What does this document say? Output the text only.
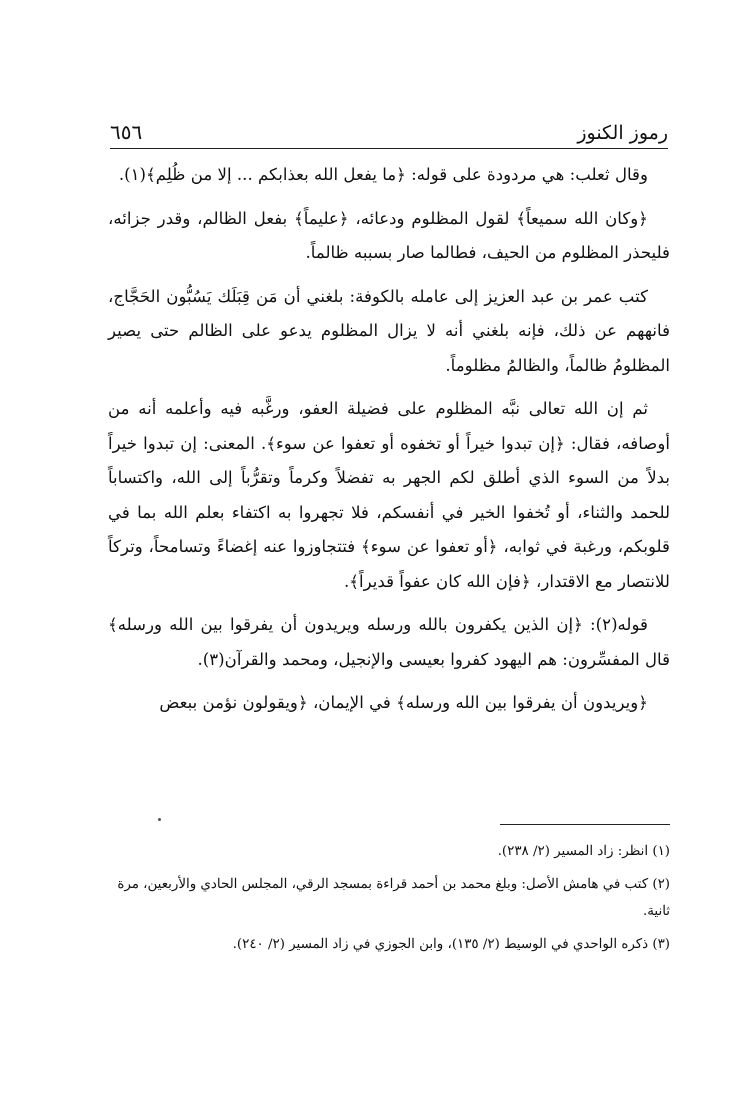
رموز الكنوز
٦٥٦

وقال ثعلب: هي مردودة على قوله: ﴿ما يفعل الله بعذابكم ... إلا من ظُلِم﴾(١).

﴿وكان الله سميعاً﴾ لقول المظلوم ودعائه، ﴿عليماً﴾ بفعل الظالم، وقدر جزائه، فليحذر المظلوم من الحيف، فطالما صار بسببه ظالماً.

كتب عمر بن عبد العزيز إلى عامله بالكوفة: بلغني أن مَن قِبَلَك يَسُبُّون الحَجَّاج، فانههم عن ذلك، فإنه بلغني أنه لا يزال المظلوم يدعو على الظالم حتى يصير المظلومُ ظالماً، والظالمُ مظلوماً.

ثم إن الله تعالى نبَّه المظلوم على فضيلة العفو، ورغَّبه فيه وأعلمه أنه من أوصافه، فقال: ﴿إن تبدوا خيراً أو تخفوه أو تعفوا عن سوء﴾. المعنى: إن تبدوا خيراً بدلاً من السوء الذي أطلق لكم الجهر به تفضلاً وكرماً وتقرُّباً إلى الله، واكتساباً للحمد والثناء، أو تُخفوا الخير في أنفسكم، فلا تجهروا به اكتفاء بعلم الله بما في قلوبكم، ورغبة في ثوابه، ﴿أو تعفوا عن سوء﴾ فتتجاوزوا عنه إغضاءً وتسامحاً، وتركاً للانتصار مع الاقتدار، ﴿فإن الله كان عفواً قديراً﴾.

قوله(٢): ﴿إن الذين يكفرون بالله ورسله ويريدون أن يفرقوا بين الله ورسله﴾ قال المفسِّرون: هم اليهود كفروا بعيسى والإنجيل، ومحمد والقرآن(٣).

﴿ويريدون أن يفرقوا بين الله ورسله﴾ في الإيمان، ﴿ويقولون نؤمن ببعض

(١) انظر: زاد المسير (٢/ ٢٣٨).
(٢) كتب في هامش الأصل: وبلغ محمد بن أحمد قراءة بمسجد الرقي، المجلس الحادي والأربعين، مرة ثانية.
(٣) ذكره الواحدي في الوسيط (٢/ ١٣٥)، وابن الجوزي في زاد المسير (٢/ ٢٤٠).
